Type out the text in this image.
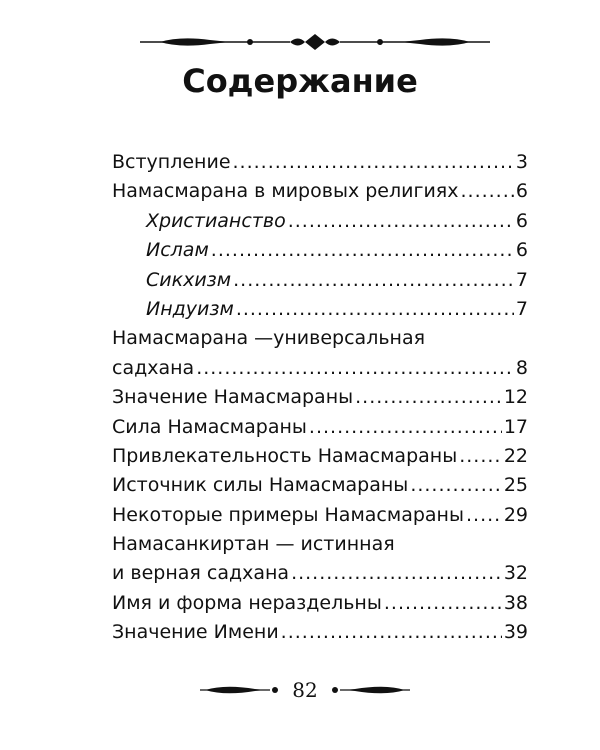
Содержание
Вступление .....	3
Намасмарана в мировых религиях .....	6
Христианство .....	6
Ислам .....	6
Сикхизм .....	7
Индуизм .....	7
Намасмарана —универсальная
садхана .....	8
Значение Намасмараны .....	12
Сила Намасмараны .....	17
Привлекательность Намасмараны ..... 22
Источник силы Намасмараны .....	25
Некоторые примеры Намасмараны ..... 29
Намасанкиртан — истинная
и верная садхана .....	32
Имя и форма нераздельны .....	38
Значение Имени .....	39
82
